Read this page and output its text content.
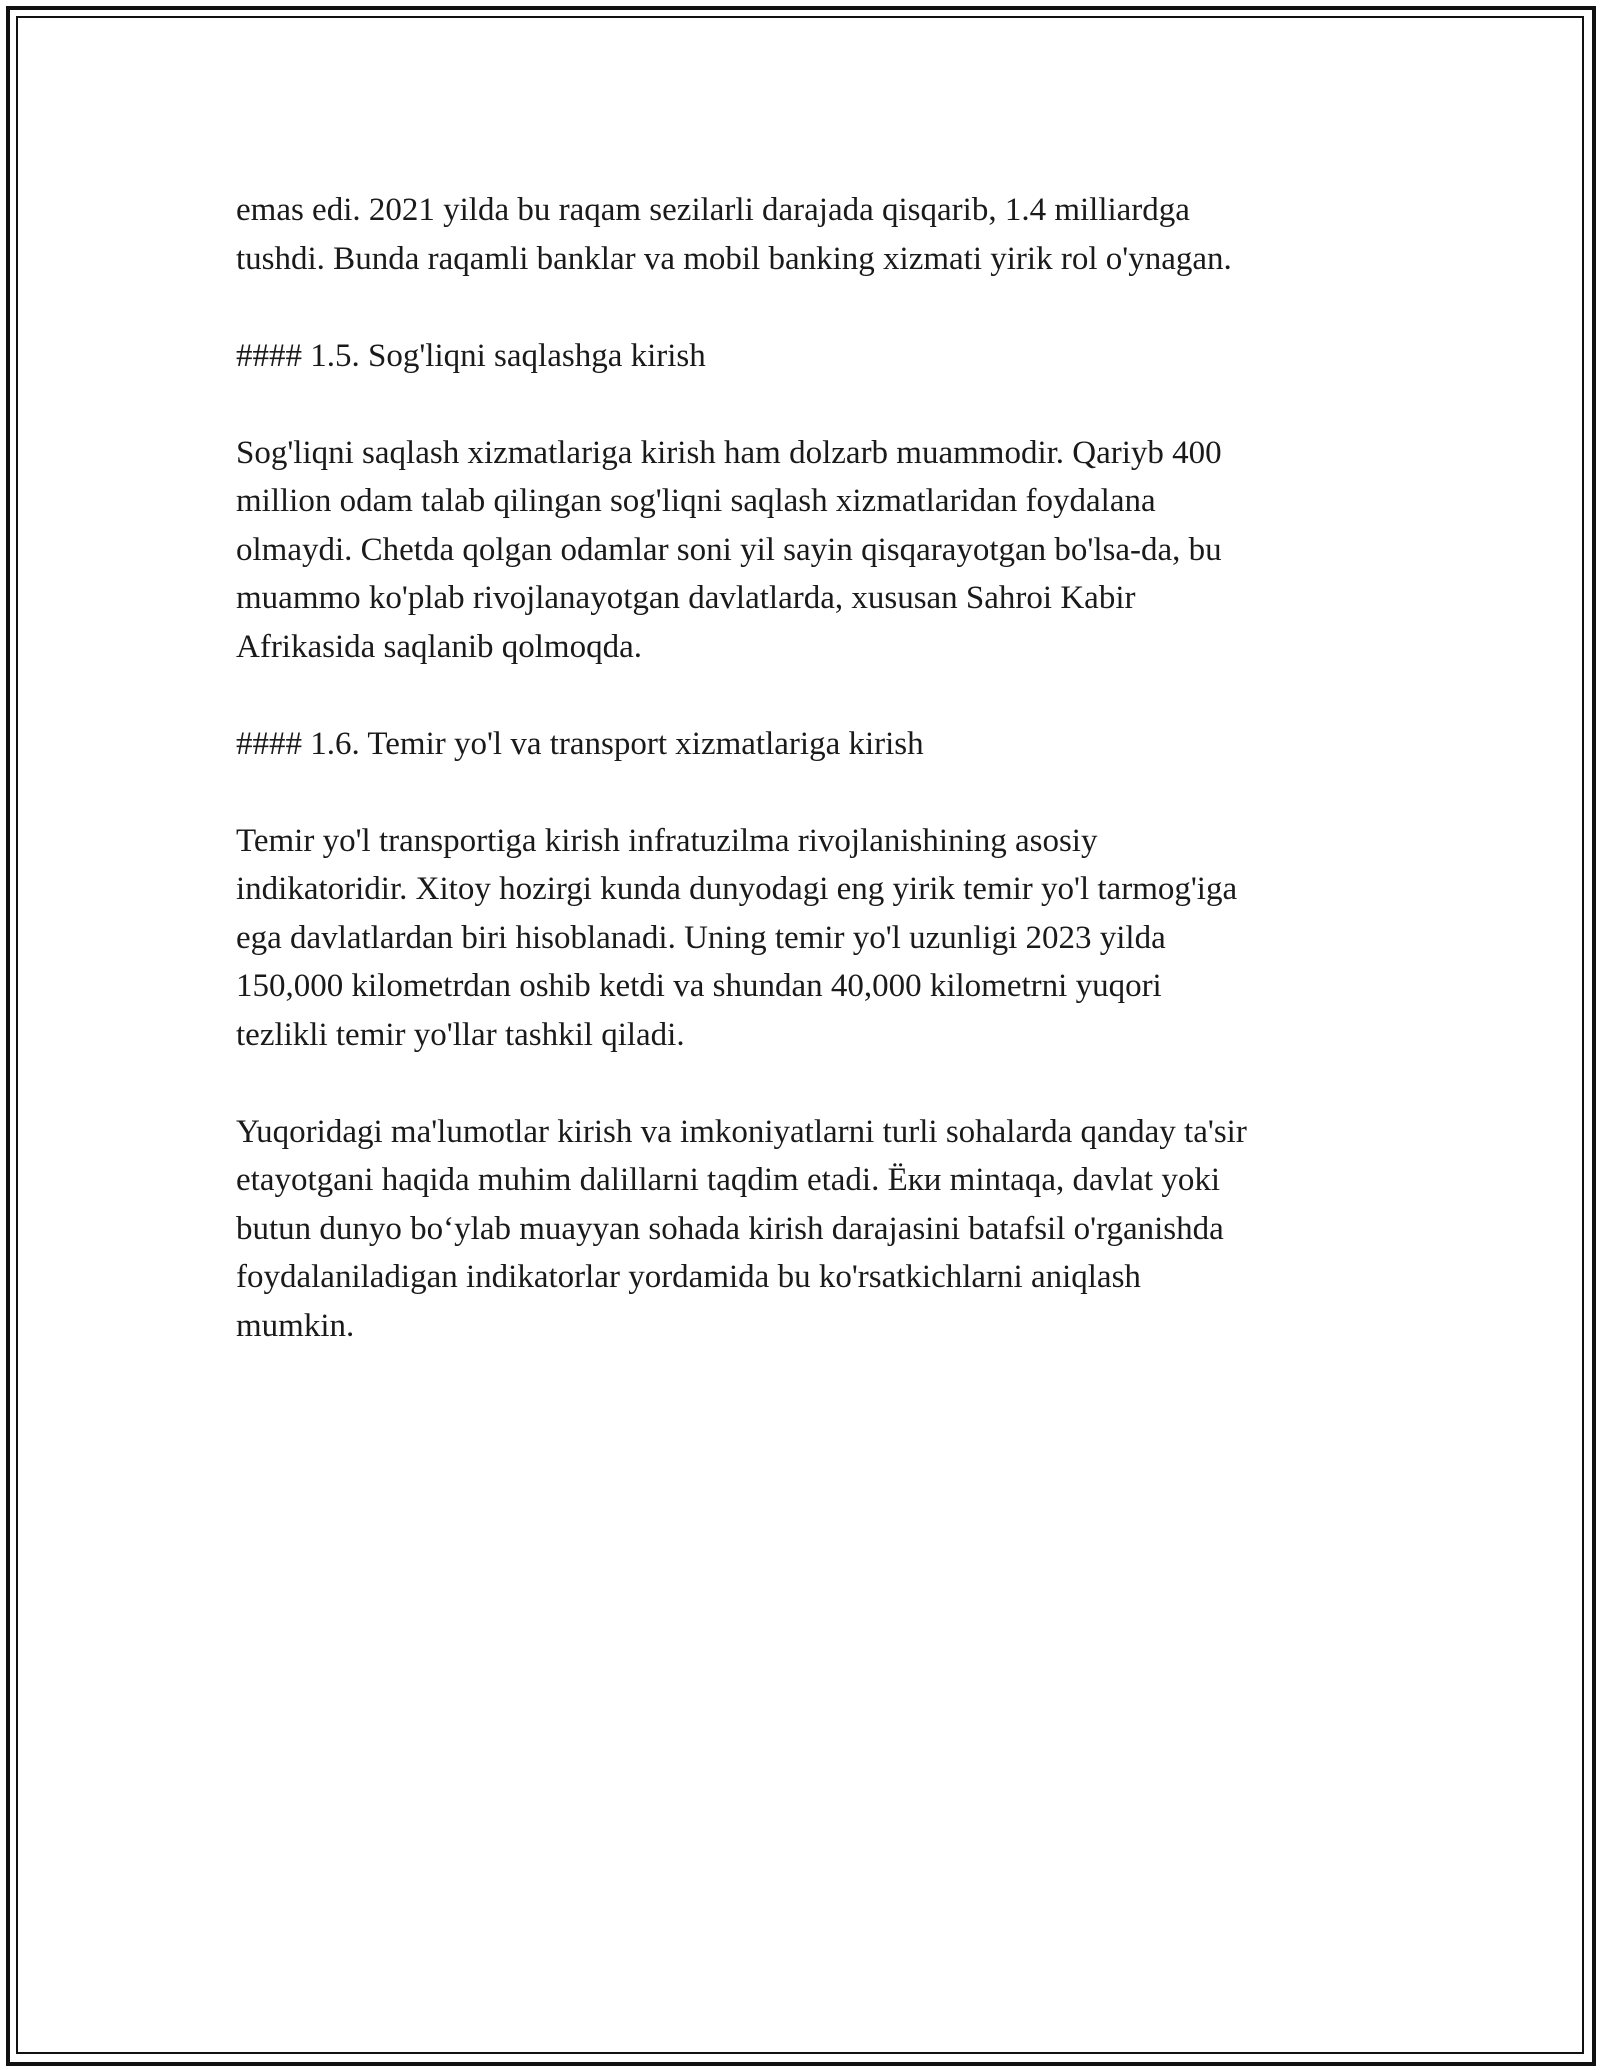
emas edi. 2021 yilda bu raqam sezilarli darajada qisqarib, 1.4 milliardga
tushdi. Bunda raqamli banklar va mobil banking xizmati yirik rol o'ynagan.

#### 1.5. Sog'liqni saqlashga kirish

Sog'liqni saqlash xizmatlariga kirish ham dolzarb muammodir. Qariyb 400
million odam talab qilingan sog'liqni saqlash xizmatlaridan foydalana
olmaydi. Chetda qolgan odamlar soni yil sayin qisqarayotgan bo'lsa-da, bu
muammo ko'plab rivojlanayotgan davlatlarda, xususan Sahroi Kabir
Afrikasida saqlanib qolmoqda.

#### 1.6. Temir yo'l va transport xizmatlariga kirish

Temir yo'l transportiga kirish infratuzilma rivojlanishining asosiy
indikatoridir. Xitoy hozirgi kunda dunyodagi eng yirik temir yo'l tarmog'iga
ega davlatlardan biri hisoblanadi. Uning temir yo'l uzunligi 2023 yilda
150,000 kilometrdan oshib ketdi va shundan 40,000 kilometrni yuqori
tezlikli temir yo'llar tashkil qiladi.

Yuqoridagi ma'lumotlar kirish va imkoniyatlarni turli sohalarda qanday ta'sir
etayotgani haqida muhim dalillarni taqdim etadi. Ёки mintaqa, davlat yoki
butun dunyo bo‘ylab muayyan sohada kirish darajasini batafsil o'rganishda
foydalaniladigan indikatorlar yordamida bu ko'rsatkichlarni aniqlash
mumkin.
